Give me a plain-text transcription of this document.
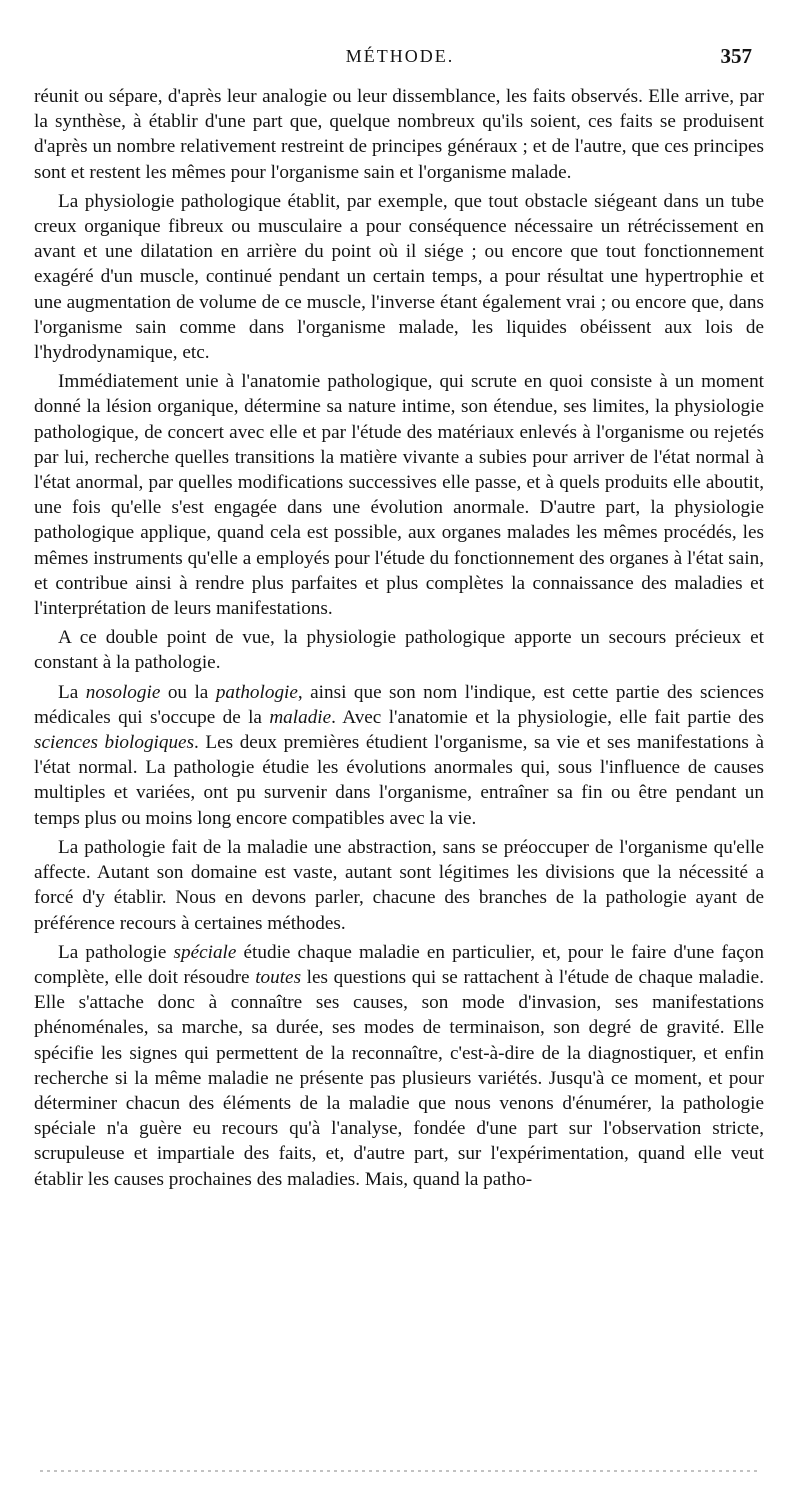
MÉTHODE.	357

réunit ou sépare, d'après leur analogie ou leur dissemblance, les faits observés. Elle arrive, par la synthèse, à établir d'une part que, quelque nombreux qu'ils soient, ces faits se produisent d'après un nombre relativement restreint de principes généraux ; et de l'autre, que ces principes sont et restent les mêmes pour l'organisme sain et l'organisme malade.

La physiologie pathologique établit, par exemple, que tout obstacle siégeant dans un tube creux organique fibreux ou musculaire a pour conséquence nécessaire un rétrécissement en avant et une dilatation en arrière du point où il siége ; ou encore que tout fonctionnement exagéré d'un muscle, continué pendant un certain temps, a pour résultat une hypertrophie et une augmentation de volume de ce muscle, l'inverse étant également vrai ; ou encore que, dans l'organisme sain comme dans l'organisme malade, les liquides obéissent aux lois de l'hydrodynamique, etc.

Immédiatement unie à l'anatomie pathologique, qui scrute en quoi consiste à un moment donné la lésion organique, détermine sa nature intime, son étendue, ses limites, la physiologie pathologique, de concert avec elle et par l'étude des matériaux enlevés à l'organisme ou rejetés par lui, recherche quelles transitions la matière vivante a subies pour arriver de l'état normal à l'état anormal, par quelles modifications successives elle passe, et à quels produits elle aboutit, une fois qu'elle s'est engagée dans une évolution anormale. D'autre part, la physiologie pathologique applique, quand cela est possible, aux organes malades les mêmes procédés, les mêmes instruments qu'elle a employés pour l'étude du fonctionnement des organes à l'état sain, et contribue ainsi à rendre plus parfaites et plus complètes la connaissance des maladies et l'interprétation de leurs manifestations.

A ce double point de vue, la physiologie pathologique apporte un secours précieux et constant à la pathologie.

La nosologie ou la pathologie, ainsi que son nom l'indique, est cette partie des sciences médicales qui s'occupe de la maladie. Avec l'anatomie et la physiologie, elle fait partie des sciences biologiques. Les deux premières étudient l'organisme, sa vie et ses manifestations à l'état normal. La pathologie étudie les évolutions anormales qui, sous l'influence de causes multiples et variées, ont pu survenir dans l'organisme, entraîner sa fin ou être pendant un temps plus ou moins long encore compatibles avec la vie.

La pathologie fait de la maladie une abstraction, sans se préoccuper de l'organisme qu'elle affecte. Autant son domaine est vaste, autant sont légitimes les divisions que la nécessité a forcé d'y établir. Nous en devons parler, chacune des branches de la pathologie ayant de préférence recours à certaines méthodes.

La pathologie spéciale étudie chaque maladie en particulier, et, pour le faire d'une façon complète, elle doit résoudre toutes les questions qui se rattachent à l'étude de chaque maladie. Elle s'attache donc à connaître ses causes, son mode d'invasion, ses manifestations phénoménales, sa marche, sa durée, ses modes de terminaison, son degré de gravité. Elle spécifie les signes qui permettent de la reconnaître, c'est-à-dire de la diagnostiquer, et enfin recherche si la même maladie ne présente pas plusieurs variétés. Jusqu'à ce moment, et pour déterminer chacun des éléments de la maladie que nous venons d'énumérer, la pathologie spéciale n'a guère eu recours qu'à l'analyse, fondée d'une part sur l'observation stricte, scrupuleuse et impartiale des faits, et, d'autre part, sur l'expérimentation, quand elle veut établir les causes prochaines des maladies. Mais, quand la patho-
